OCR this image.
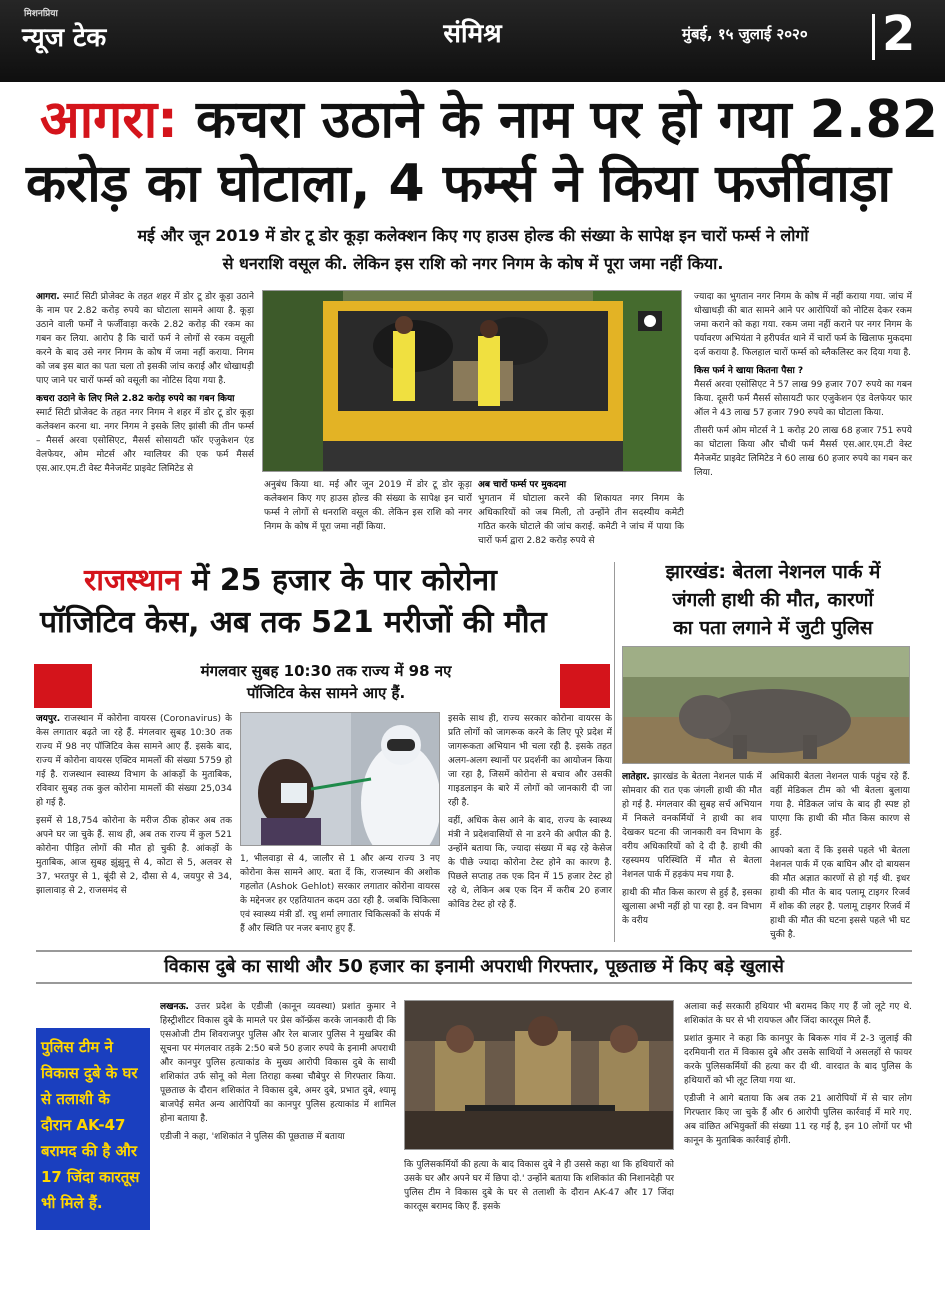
मिशनप्रिया
न्यूज टेक	संमिश्र	मुंबई, १५ जुलाई २०२० 2
आगरा: कचरा उठाने के नाम पर हो गया 2.82
करोड़ का घोटाला, 4 फर्म्स ने किया फर्जीवाड़ा
मई और जून 2019 में डोर टू डोर कूड़ा कलेक्शन किए गए हाउस होल्ड की संख्या के सापेक्ष इन चारों फर्म्स ने लोगों
से धनराशि वसूल की. लेकिन इस राशि को नगर निगम के कोष में पूरा जमा नहीं किया.

आगरा. स्मार्ट सिटी प्रोजेक्ट के तहत शहर में डोर टू डोर कूड़ा उठाने के नाम पर 2.82 करोड़ रुपये का घोटाला सामने आया है. कूड़ा उठाने वाली फर्मों ने फर्जीवाड़ा करके 2.82 करोड़ की रकम का गबन कर लिया. आरोप है कि चारों फर्म ने लोगों से रकम वसूली करने के बाद उसे नगर निगम के कोष में जमा नहीं कराया. निगम को जब इस बात का पता चला तो इसकी जांच कराई और धोखाधड़ी पाए जाने पर चारों फर्म्स को वसूली का नोटिस दिया गया है.

कचरा उठाने के लिए मिले 2.82 करोड़ रुपये का गबन किया

स्मार्ट सिटी प्रोजेक्ट के तहत नगर निगम ने शहर में डोर टू डोर कूड़ा कलेक्शन करना था. नगर निगम ने इसके लिए झांसी की तीन फर्म्स – मैसर्स अरवा एसोसिएट, मैसर्स सोसायटी फॉर एजुकेशन एंड वेलफेयर, ओम मोटर्स और ग्वालियर की एक फर्म मैसर्स एस.आर.एम.टी वेस्ट मैनेजमेंट प्राइवेट लिमिटेड से

अनुबंध किया था. मई और जून 2019 में डोर टू डोर कूड़ा कलेक्शन किए गए हाउस होल्ड की संख्या के सापेक्ष इन चारों फर्म्स ने लोगों से धनराशि वसूल की. लेकिन इस राशि को नगर निगम के कोष में पूरा जमा नहीं किया.

अब चारों फर्म्स पर मुकदमा

भुगतान में घोटाला करने की शिकायत नगर निगम के अधिकारियों को जब मिली, तो उन्होंने तीन सदस्यीय कमेटी गठित करके घोटाले की जांच कराई. कमेटी ने जांच में पाया कि चारों फर्म द्वारा 2.82 करोड़ रुपये से

ज्यादा का भुगतान नगर निगम के कोष में नहीं कराया गया. जांच में धोखाधड़ी की बात सामने आने पर आरोपियों को नोटिस देकर रकम जमा कराने को कहा गया. रकम जमा नहीं कराने पर नगर निगम के पर्यावरण अभियंता ने हरीपर्वत थाने में चारों फर्म के खिलाफ मुकदमा दर्ज कराया है. फिलहाल चारों फर्म्स को ब्लैकलिस्ट कर दिया गया है.

किस फर्म ने खाया कितना पैसा ?

मैसर्स अरवा एसोसिएट ने 57 लाख 99 हजार 707 रुपये का गबन किया. दूसरी फर्म मैसर्स सोसायटी फार एजुकेशन एंड वेलफेयर फार ऑल ने 43 लाख 57 हजार 790 रुपये का घोटाला किया.

तीसरी फर्म ओम मोटर्स ने 1 करोड़ 20 लाख 68 हजार 751 रुपये का घोटाला किया और चौथी फर्म मैसर्स एस.आर.एम.टी वेस्ट मैनेजमेंट प्राइवेट लिमिटेड ने 60 लाख 60 हजार रुपये का गबन कर लिया.

राजस्थान में 25 हजार के पार कोरोना
पॉजिटिव केस, अब तक 521 मरीजों की मौत
मंगलवार सुबह 10:30 तक राज्य में 98 नए
पॉजिटिव केस सामने आए हैं.

जयपुर. राजस्थान में कोरोना वायरस (Coronavirus) के केस लगातार बढ़ते जा रहे हैं. मंगलवार सुबह 10:30 तक राज्य में 98 नए पॉजिटिव केस सामने आए हैं. इसके बाद, राज्य में कोरोना वायरस एक्टिव मामलों की संख्या 5759 हो गई है. राजस्थान स्वास्थ्य विभाग के आंकड़ों के मुताबिक, रविवार सुबह तक कुल कोरोना मामलों की संख्या 25,034 हो गई है.

इसमें से 18,754 कोरोना के मरीज ठीक होकर अब तक अपने घर जा चुके हैं. साथ ही, अब तक राज्य में कुल 521 कोरोना पीड़ित लोगों की मौत हो चुकी है. आंकड़ों के मुताबिक, आज सुबह झुंझुनू से 4, कोटा से 5, अलवर से 37, भरतपुर से 1, बूंदी से 2, दौसा से 4, जयपुर से 34, झालावाड़ से 2, राजसमंद से

1, भीलवाड़ा से 4, जालौर से 1 और अन्य राज्य 3 नए कोरोना केस सामने आए. बता दें कि, राजस्थान की अशोक गहलोत (Ashok Gehlot) सरकार लगातार कोरोना वायरस के मद्देनजर हर एहतियातन कदम उठा रही है. जबकि चिकित्सा एवं स्वास्थ्य मंत्री डॉ. रघु शर्मा लगातार चिकित्सकों के संपर्क में हैं और स्थिति पर नजर बनाए हुए हैं.

इसके साथ ही, राज्य सरकार कोरोना वायरस के प्रति लोगों को जागरूक करने के लिए पूरे प्रदेश में जागरूकता अभियान भी चला रही है. इसके तहत अलग-अलग स्थानों पर प्रदर्शनी का आयोजन किया जा रहा है, जिसमें कोरोना से बचाव और उसकी गाइडलाइन के बारे में लोगों को जानकारी दी जा रही है.

वहीं, अधिक केस आने के बाद, राज्य के स्वास्थ्य मंत्री ने प्रदेशवासियों से ना डरने की अपील की है. उन्होंने बताया कि, ज्यादा संख्या में बढ़ रहे केसेज के पीछे ज्यादा कोरोना टेस्ट होने का कारण है. पिछले सप्ताह तक एक दिन में 15 हजार टेस्ट हो रहे थे, लेकिन अब एक दिन में करीब 20 हजार कोविड टेस्ट हो रहे हैं.

झारखंड: बेतला नेशनल पार्क में
जंगली हाथी की मौत, कारणों
का पता लगाने में जुटी पुलिस

लातेहार. झारखंड के बेतला नेशनल पार्क में सोमवार की रात एक जंगली हाथी की मौत हो गई है. मंगलवार की सुबह सर्च अभियान में निकले वनकर्मियों ने हाथी का शव देखकर घटना की जानकारी वन विभाग के वरीय अधिकारियों को दे दी है. हाथी की रहस्यमय परिस्थिति में मौत से बेतला नेशनल पार्क में हड़कंप मच गया है.

हाथी की मौत किस कारण से हुई है, इसका खुलासा अभी नहीं हो पा रहा है. वन विभाग के वरीय

अधिकारी बेतला नेशनल पार्क पहुंच रहे हैं. वहीं मेडिकल टीम को भी बेतला बुलाया गया है. मेडिकल जांच के बाद ही स्पष्ट हो पाएगा कि हाथी की मौत किस कारण से हुई.

आपको बता दें कि इससे पहले भी बेतला नेशनल पार्क में एक बाघिन और दो बायसन की मौत अज्ञात कारणों से हो गई थी. इधर हाथी की मौत के बाद पलामू टाइगर रिजर्व में शोक की लहर है. पलामू टाइगर रिजर्व में हाथी की मौत की घटना इससे पहले भी घट चुकी है.

विकास दुबे का साथी और 50 हजार का इनामी अपराधी गिरफ्तार, पूछताछ में किए बड़े खुलासे
पुलिस टीम ने विकास दुबे के घर से तलाशी के दौरान AK-47 बरामद की है और 17 जिंदा कारतूस भी मिले हैं.

लखनऊ. उत्तर प्रदेश के एडीजी (कानून व्यवस्था) प्रशांत कुमार ने हिस्ट्रीशीटर विकास दुबे के मामले पर प्रेस कॉन्फ्रेंस करके जानकारी दी कि एसओजी टीम शिवराजपुर पुलिस और रेल बाजार पुलिस ने मुखबिर की सूचना पर मंगलवार तड़के 2:50 बजे 50 हजार रुपये के इनामी अपराधी और कानपुर पुलिस हत्याकांड के मुख्य आरोपी विकास दुबे के साथी शशिकांत उर्फ सोनू को मेला तिराहा कस्बा चौबेपुर से गिरफ्तार किया. पूछताछ के दौरान शशिकांत ने विकास दुबे, अमर दुबे, प्रभात दुबे, श्यामू बाजपेई समेत अन्य आरोपियों का कानपुर पुलिस हत्याकांड में शामिल होना बताया है.

एडीजी ने कहा, 'शशिकांत ने पुलिस की पूछताछ में बताया

कि पुलिसकर्मियों की हत्या के बाद विकास दुबे ने ही उससे कहा था कि हथियारों को उसके घर और अपने घर में छिपा दो.' उन्होंने बताया कि शशिकांत की निशानदेही पर पुलिस टीम ने विकास दुबे के घर से तलाशी के दौरान AK-47 और 17 जिंदा कारतूस बरामद किए हैं. इसके

अलावा कई सरकारी हथियार भी बरामद किए गए हैं जो लूटे गए थे. शशिकांत के घर से भी रायफल और जिंदा कारतूस मिले हैं.

प्रशांत कुमार ने कहा कि कानपुर के बिकरू गांव में 2-3 जुलाई की दरमियानी रात में विकास दुबे और उसके साथियों ने असलहों से फायर करके पुलिसकर्मियों की हत्या कर दी थी. वारदात के बाद पुलिस के हथियारों को भी लूट लिया गया था.

एडीजी ने आगे बताया कि अब तक 21 आरोपियों में से चार लोग गिरफ्तार किए जा चुके हैं और 6 आरोपी पुलिस कार्रवाई में मारे गए. अब वांछित अभियुक्तों की संख्या 11 रह गई है, इन 10 लोगों पर भी कानून के मुताबिक कार्रवाई होगी.
